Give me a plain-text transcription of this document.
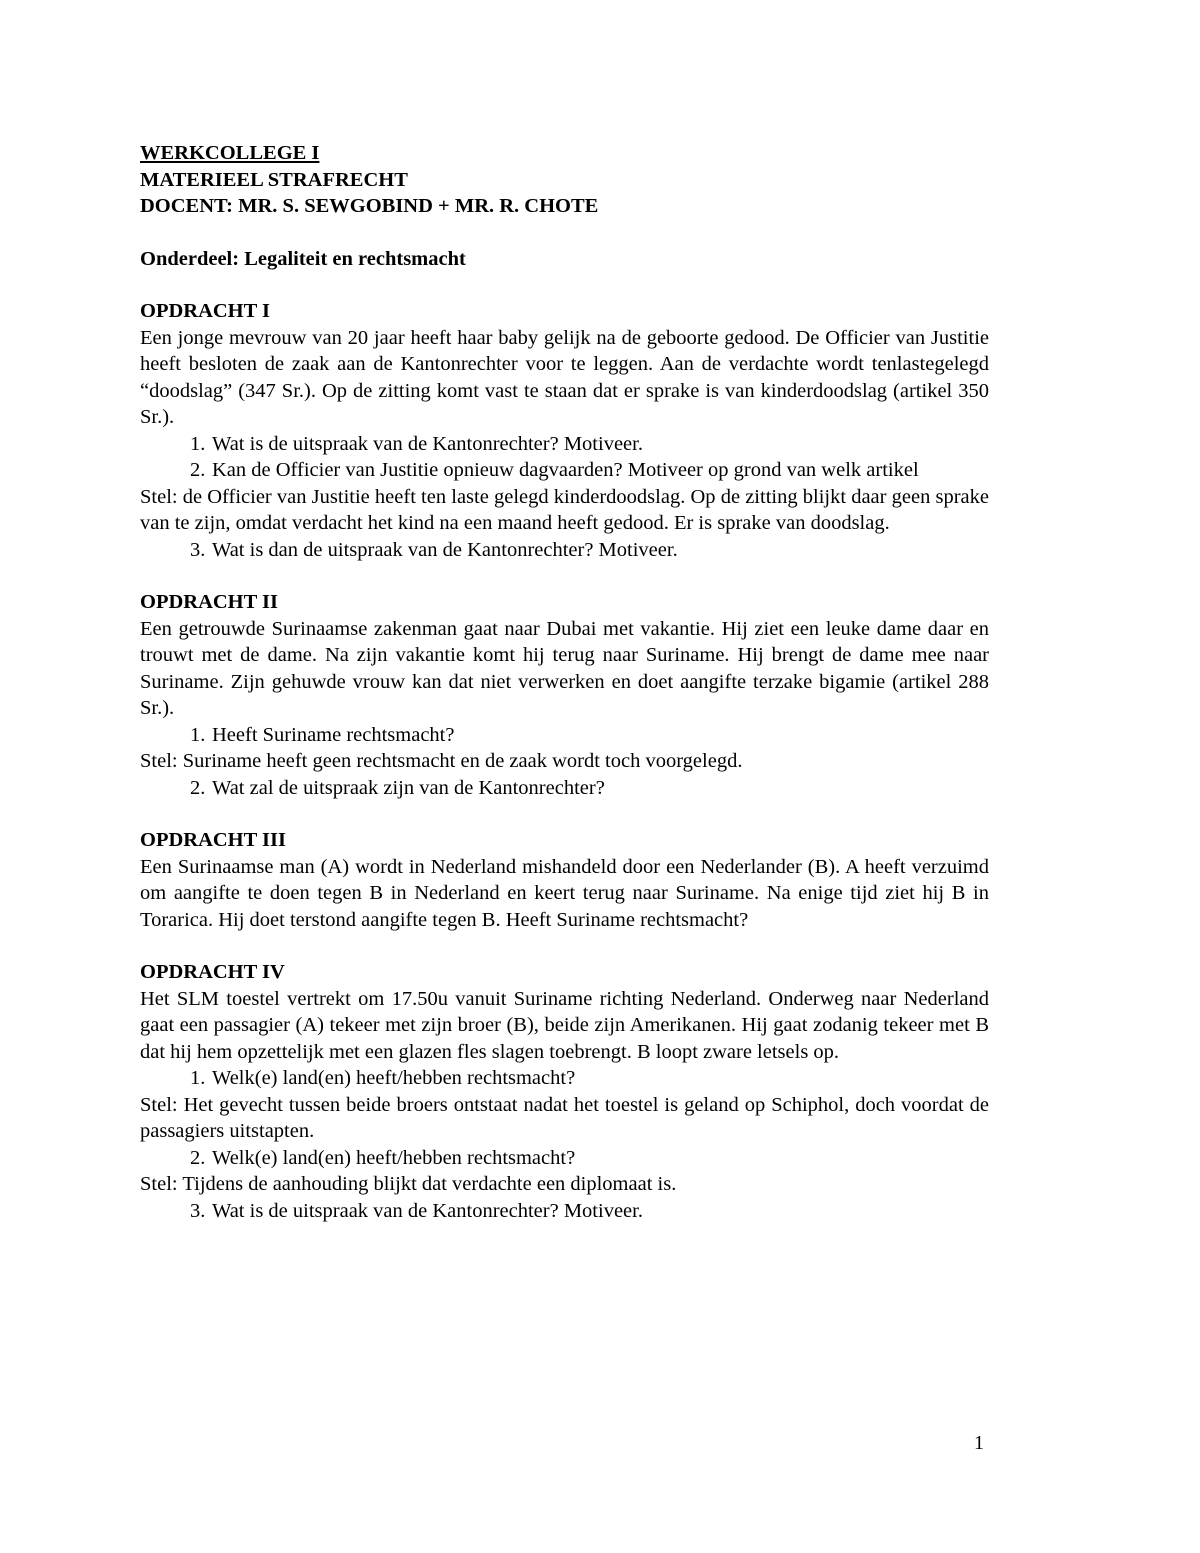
WERKCOLLEGE I

MATERIEEL STRAFRECHT

DOCENT: MR. S. SEWGOBIND + MR. R. CHOTE

Onderdeel: Legaliteit en rechtsmacht

OPDRACHT I

Een jonge mevrouw van 20 jaar heeft haar baby gelijk na de geboorte gedood. De Officier van Justitie heeft besloten de zaak aan de Kantonrechter voor te leggen. Aan de verdachte wordt tenlastegelegd “doodslag” (347 Sr.). Op de zitting komt vast te staan dat er sprake is van kinderdoodslag (artikel 350 Sr.).

1. Wat is de uitspraak van de Kantonrechter? Motiveer.
2. Kan de Officier van Justitie opnieuw dagvaarden? Motiveer op grond van welk artikel

Stel: de Officier van Justitie heeft ten laste gelegd kinderdoodslag. Op de zitting blijkt daar geen sprake van te zijn, omdat verdacht het kind na een maand heeft gedood. Er is sprake van doodslag.

3. Wat is dan de uitspraak van de Kantonrechter? Motiveer.

OPDRACHT II

Een getrouwde Surinaamse zakenman gaat naar Dubai met vakantie. Hij ziet een leuke dame daar en trouwt met de dame. Na zijn vakantie komt hij terug naar Suriname. Hij brengt de dame mee naar Suriname. Zijn gehuwde vrouw kan dat niet verwerken en doet aangifte terzake bigamie (artikel 288 Sr.).

1. Heeft Suriname rechtsmacht?

Stel: Suriname heeft geen rechtsmacht en de zaak wordt toch voorgelegd.

2. Wat zal de uitspraak zijn van de Kantonrechter?

OPDRACHT III

Een Surinaamse man (A) wordt in Nederland mishandeld door een Nederlander (B). A heeft verzuimd om aangifte te doen tegen B in Nederland en keert terug naar Suriname. Na enige tijd ziet hij B in Torarica. Hij doet terstond aangifte tegen B. Heeft Suriname rechtsmacht?

OPDRACHT IV

Het SLM toestel vertrekt om 17.50u vanuit Suriname richting Nederland. Onderweg naar Nederland gaat een passagier (A) tekeer met zijn broer (B), beide zijn Amerikanen. Hij gaat zodanig tekeer met B dat hij hem opzettelijk met een glazen fles slagen toebrengt. B loopt zware letsels op.

1. Welk(e) land(en) heeft/hebben rechtsmacht?

Stel: Het gevecht tussen beide broers ontstaat nadat het toestel is geland op Schiphol, doch voordat de passagiers uitstapten.

2. Welk(e) land(en) heeft/hebben rechtsmacht?

Stel: Tijdens de aanhouding blijkt dat verdachte een diplomaat is.

3. Wat is de uitspraak van de Kantonrechter? Motiveer.
1
